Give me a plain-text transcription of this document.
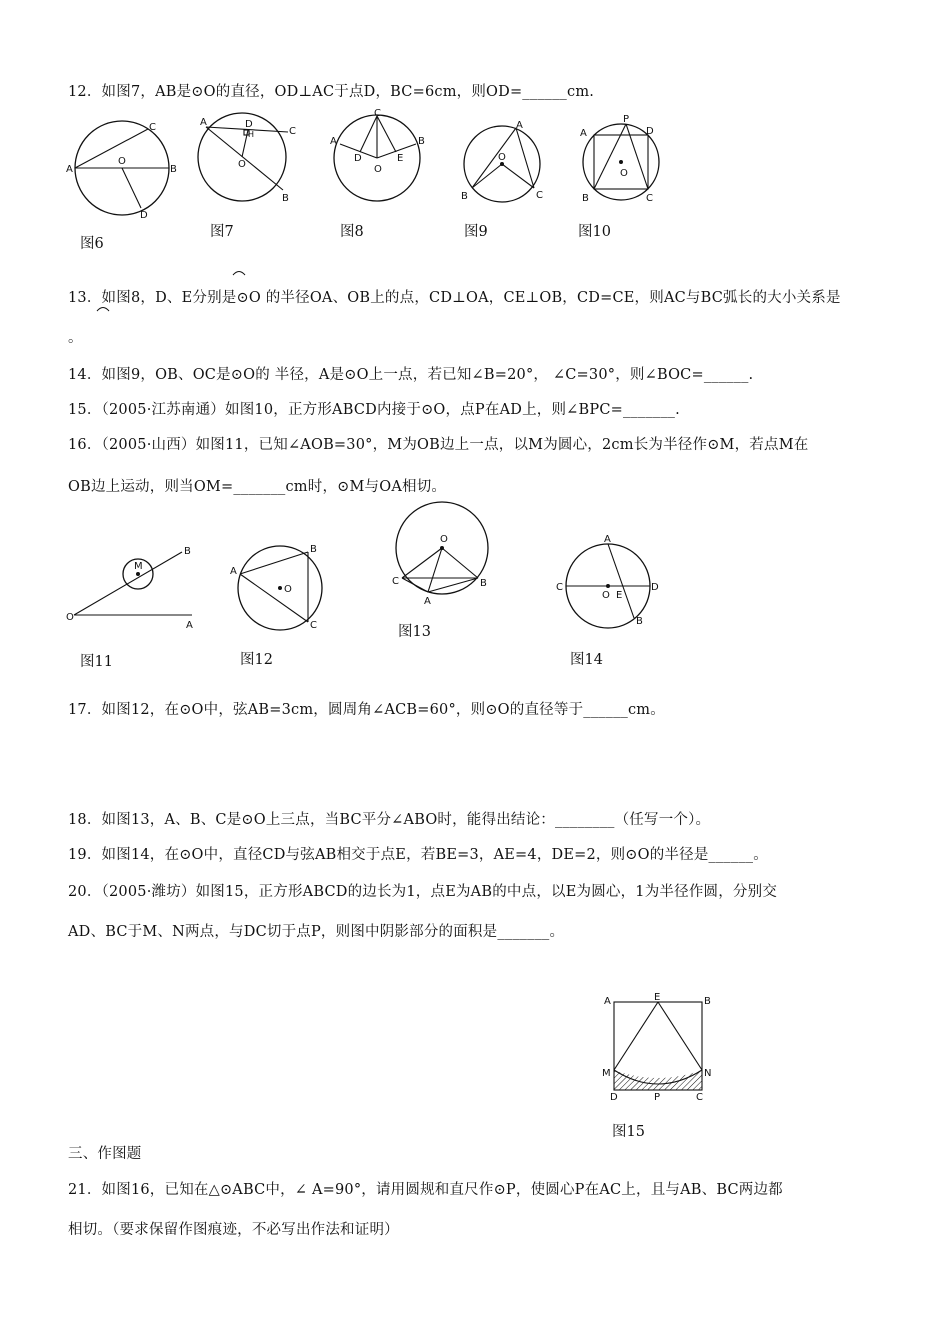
12．如图7，AB是⊙O的直径，OD⊥AC于点D，BC=6cm，则OD=______cm.
A	B
C
O
D
图6
A	D
H	C
O
B
图7
C
A	B
D	E
O
图8
A
O
B	C
图9
P
A	D
O
B	C
图10
13．如图8，D、E分别是⊙O 的半径OA、OB上的点，CD⊥OA，CE⊥OB，CD=CE，则AC与BC弧长的大小关系是
。
14．如图9，OB、OC是⊙O的 半径，A是⊙O上一点，若已知∠B=20°， ∠C=30°，则∠BOC=______.
15．（2005·江苏南通）如图10，正方形ABCD内接于⊙O，点P在AD上，则∠BPC=_______.
16．（2005·山西）如图11，已知∠AOB=30°，M为OB边上一点，以M为圆心，2cm长为半径作⊙M，若点M在
OB边上运动，则当OM=_______cm时，⊙M与OA相切。
B
M
O
A
图11
A
B
O
C
图12
O
C	B
A
图13
A
C
O E
D
B
图14
17．如图12，在⊙O中，弦AB=3cm，圆周角∠ACB=60°，则⊙O的直径等于______cm。
18．如图13，A、B、C是⊙O上三点，当BC平分∠ABO时，能得出结论：________（任写一个）。
19．如图14，在⊙O中，直径CD与弦AB相交于点E，若BE=3，AE=4，DE=2，则⊙O的半径是______。
20．（2005·潍坊）如图15，正方形ABCD的边长为1，点E为AB的中点，以E为圆心，1为半径作圆，分别交
AD、BC于M、N两点，与DC切于点P，则图中阴影部分的面积是_______。
A	E	B
M	N
D	P	C
图15
三、作图题
21．如图16，已知在△⊙ABC中，∠ A=90°，请用圆规和直尺作⊙P，使圆心P在AC上，且与AB、BC两边都
相切。（要求保留作图痕迹，不必写出作法和证明）
